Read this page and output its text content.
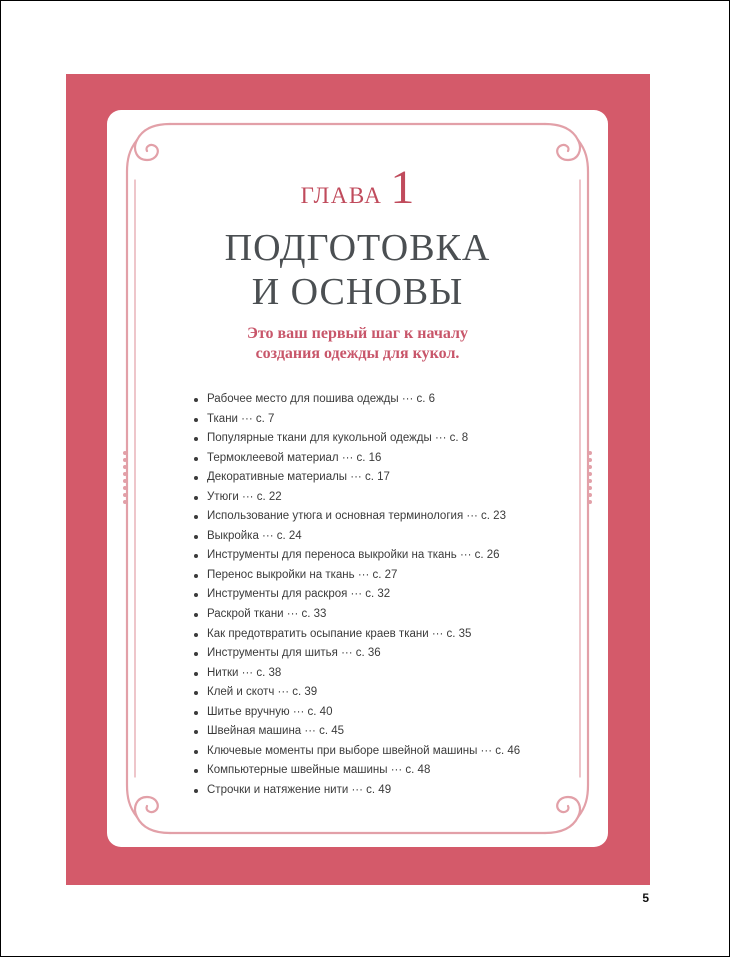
ГЛАВА 1
ПОДГОТОВКА
И ОСНОВЫ
Это ваш первый шаг к началу
создания одежды для кукол.
Рабочее место для пошива одежды ··· с. 6
Ткани ··· с. 7
Популярные ткани для кукольной одежды ··· с. 8
Термоклеевой материал ··· с. 16
Декоративные материалы ··· с. 17
Утюги ··· с. 22
Использование утюга и основная терминология ··· с. 23
Выкройка ··· с. 24
Инструменты для переноса выкройки на ткань ··· с. 26
Перенос выкройки на ткань ··· с. 27
Инструменты для раскроя ··· с. 32
Раскрой ткани ··· с. 33
Как предотвратить осыпание краев ткани ··· с. 35
Инструменты для шитья ··· с. 36
Нитки ··· с. 38
Клей и скотч ··· с. 39
Шитье вручную ··· с. 40
Швейная машина ··· с. 45
Ключевые моменты при выборе швейной машины ··· с. 46
Компьютерные швейные машины ··· с. 48
Строчки и натяжение нити ··· с. 49
5
